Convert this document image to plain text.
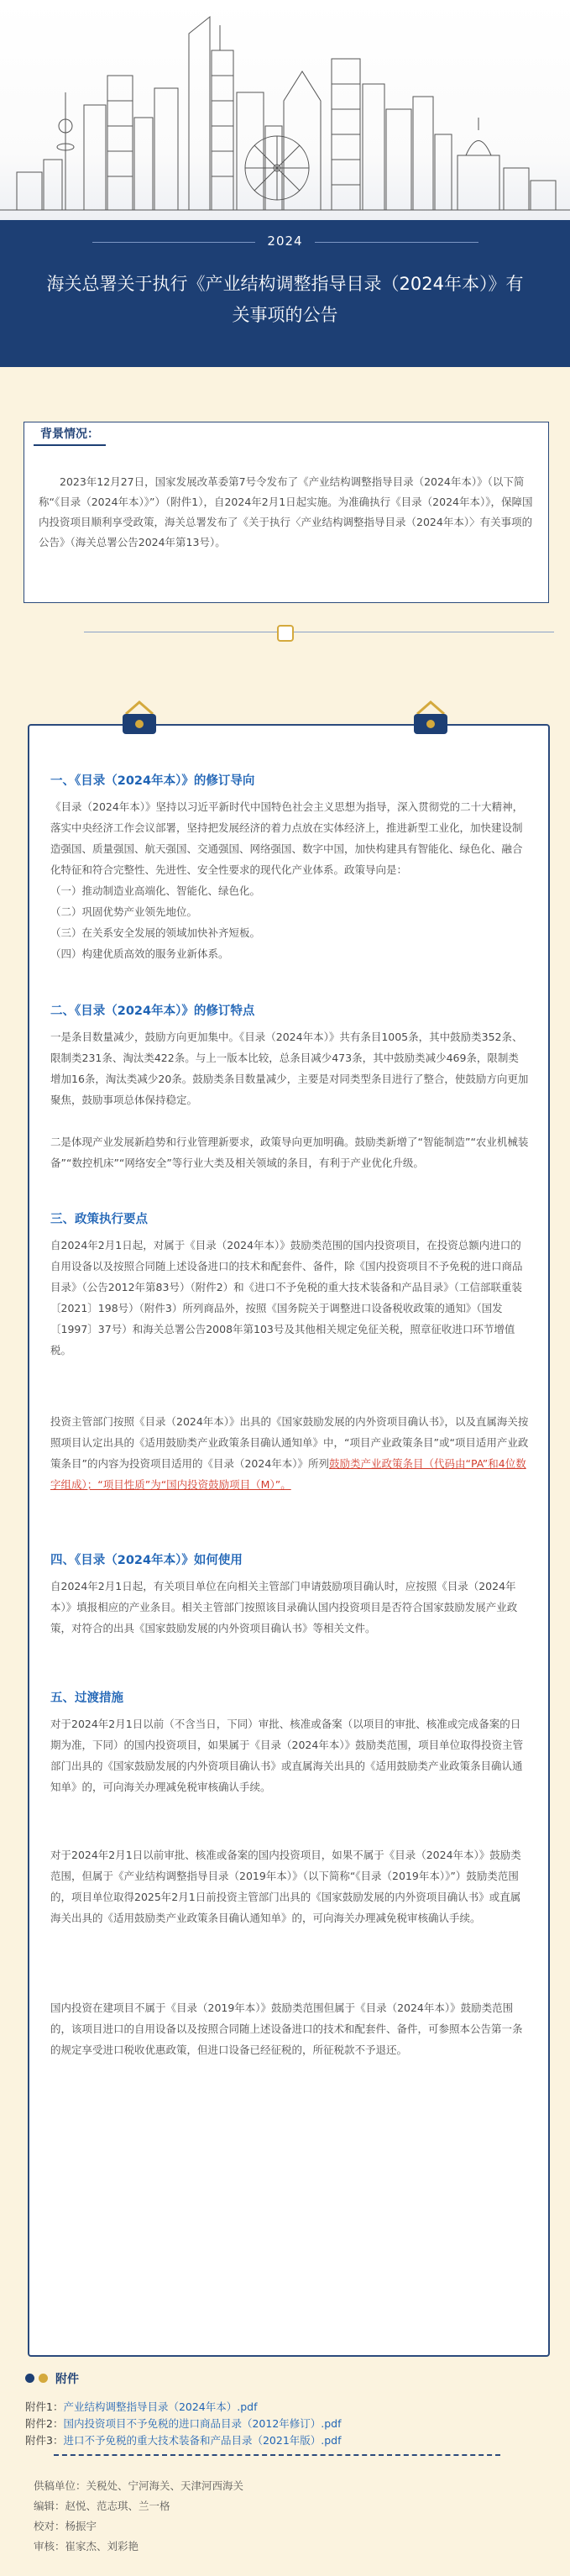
2024
海关总署关于执行《产业结构调整指导目录（2024年本）》有
关事项的公告
背景情况：
2023年12月27日，国家发展改革委第7号令发布了《产业结构调整指导目录（2024年本）》（以下简称“《目录（2024年本）》”）（附件1），自2024年2月1日起实施。为准确执行《目录（2024年本）》，保障国内投资项目顺利享受政策，海关总署发布了《关于执行〈产业结构调整指导目录（2024年本）〉有关事项的公告》（海关总署公告2024年第13号）。
一、《目录（2024年本）》的修订导向
《目录（2024年本）》坚持以习近平新时代中国特色社会主义思想为指导，深入贯彻党的二十大精神，落实中央经济工作会议部署，坚持把发展经济的着力点放在实体经济上，推进新型工业化，加快建设制造强国、质量强国、航天强国、交通强国、网络强国、数字中国，加快构建具有智能化、绿色化、融合化特征和符合完整性、先进性、安全性要求的现代化产业体系。政策导向是：
（一）推动制造业高端化、智能化、绿色化。
（二）巩固优势产业领先地位。
（三）在关系安全发展的领域加快补齐短板。
（四）构建优质高效的服务业新体系。
二、《目录（2024年本）》的修订特点
一是条目数量减少，鼓励方向更加集中。《目录（2024年本）》共有条目1005条，其中鼓励类352条、限制类231条、淘汰类422条。与上一版本比较，总条目减少473条，其中鼓励类减少469条，限制类增加16条，淘汰类减少20条。鼓励类条目数量减少，主要是对同类型条目进行了整合，使鼓励方向更加聚焦，鼓励事项总体保持稳定。
二是体现产业发展新趋势和行业管理新要求，政策导向更加明确。鼓励类新增了“智能制造”“农业机械装备”“数控机床”“网络安全”等行业大类及相关领域的条目，有利于产业优化升级。
三、政策执行要点
自2024年2月1日起，对属于《目录（2024年本）》鼓励类范围的国内投资项目，在投资总额内进口的自用设备以及按照合同随上述设备进口的技术和配套件、备件，除《国内投资项目不予免税的进口商品目录》（公告2012年第83号）（附件2）和《进口不予免税的重大技术装备和产品目录》（工信部联重装〔2021〕198号）（附件3）所列商品外，按照《国务院关于调整进口设备税收政策的通知》（国发〔1997〕37号）和海关总署公告2008年第103号及其他相关规定免征关税，照章征收进口环节增值税。
投资主管部门按照《目录（2024年本）》出具的《国家鼓励发展的内外资项目确认书》，以及直属海关按照项目认定出具的《适用鼓励类产业政策条目确认通知单》中，“项目产业政策条目”或“项目适用产业政策条目”的内容为投资项目适用的《目录（2024年本）》所列鼓励类产业政策条目（代码由“PA”和4位数字组成）；“项目性质”为“国内投资鼓励项目（M）”。
四、《目录（2024年本）》如何使用
自2024年2月1日起，有关项目单位在向相关主管部门申请鼓励项目确认时，应按照《目录（2024年本）》填报相应的产业条目。相关主管部门按照该目录确认国内投资项目是否符合国家鼓励发展产业政策，对符合的出具《国家鼓励发展的内外资项目确认书》等相关文件。
五、过渡措施
对于2024年2月1日以前（不含当日，下同）审批、核准或备案（以项目的审批、核准或完成备案的日期为准，下同）的国内投资项目，如果属于《目录（2024年本）》鼓励类范围，项目单位取得投资主管部门出具的《国家鼓励发展的内外资项目确认书》或直属海关出具的《适用鼓励类产业政策条目确认通知单》的，可向海关办理减免税审核确认手续。
对于2024年2月1日以前审批、核准或备案的国内投资项目，如果不属于《目录（2024年本）》鼓励类范围，但属于《产业结构调整指导目录（2019年本）》（以下简称“《目录（2019年本）》”）鼓励类范围的，项目单位取得2025年2月1日前投资主管部门出具的《国家鼓励发展的内外资项目确认书》或直属海关出具的《适用鼓励类产业政策条目确认通知单》的，可向海关办理减免税审核确认手续。
国内投资在建项目不属于《目录（2019年本）》鼓励类范围但属于《目录（2024年本）》鼓励类范围的，该项目进口的自用设备以及按照合同随上述设备进口的技术和配套件、备件，可参照本公告第一条的规定享受进口税收优惠政策，但进口设备已经征税的，所征税款不予退还。
附件
附件1：产业结构调整指导目录（2024年本）.pdf
附件2：国内投资项目不予免税的进口商品目录（2012年修订）.pdf
附件3：进口不予免税的重大技术装备和产品目录（2021年版）.pdf
供稿单位：关税处、宁河海关、天津河西海关
编辑：赵悦、范志琪、兰一格
校对：杨振宇
审核：崔家杰、刘彩艳
